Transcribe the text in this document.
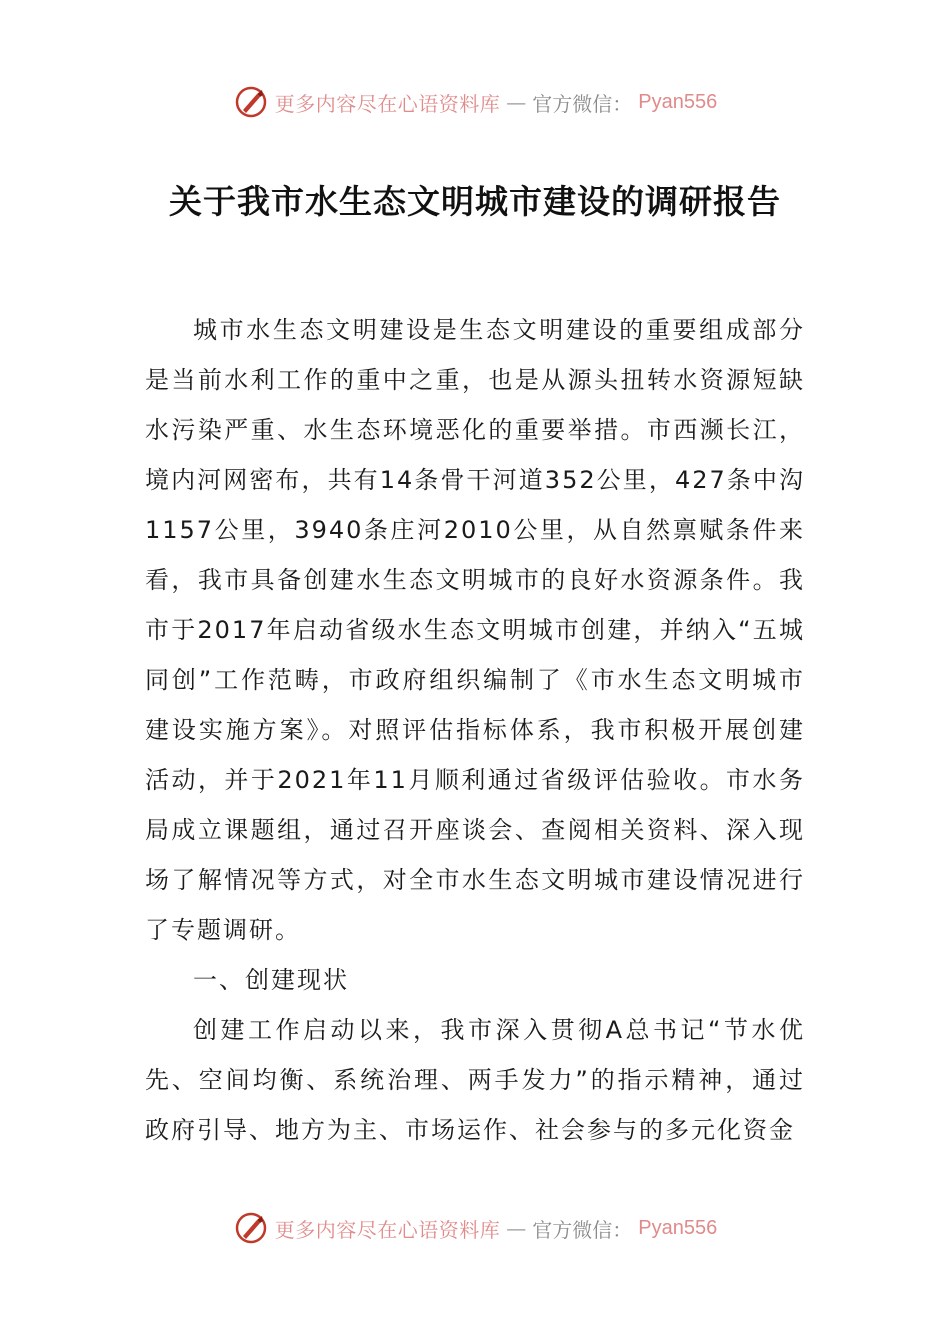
更多内容尽在心语资料库 — 官方微信： Pyan556
关于我市水生态文明城市建设的调研报告

城市水生态文明建设是生态文明建设的重要组成部分是当前水利工作的重中之重，也是从源头扭转水资源短缺水污染严重、水生态环境恶化的重要举措。市西濒长江，境内河网密布，共有14条骨干河道352公里，427条中沟1157公里，3940条庄河2010公里，从自然禀赋条件来看，我市具备创建水生态文明城市的良好水资源条件。我市于2017年启动省级水生态文明城市创建，并纳入“五城同创”工作范畴，市政府组织编制了《市水生态文明城市建设实施方案》。对照评估指标体系，我市积极开展创建活动，并于2021年11月顺利通过省级评估验收。市水务局成立课题组，通过召开座谈会、查阅相关资料、深入现场了解情况等方式，对全市水生态文明城市建设情况进行了专题调研。

一、创建现状

创建工作启动以来，我市深入贯彻A总书记“节水优先、空间均衡、系统治理、两手发力”的指示精神，通过政府引导、地方为主、市场运作、社会参与的多元化资金

更多内容尽在心语资料库 — 官方微信： Pyan556
